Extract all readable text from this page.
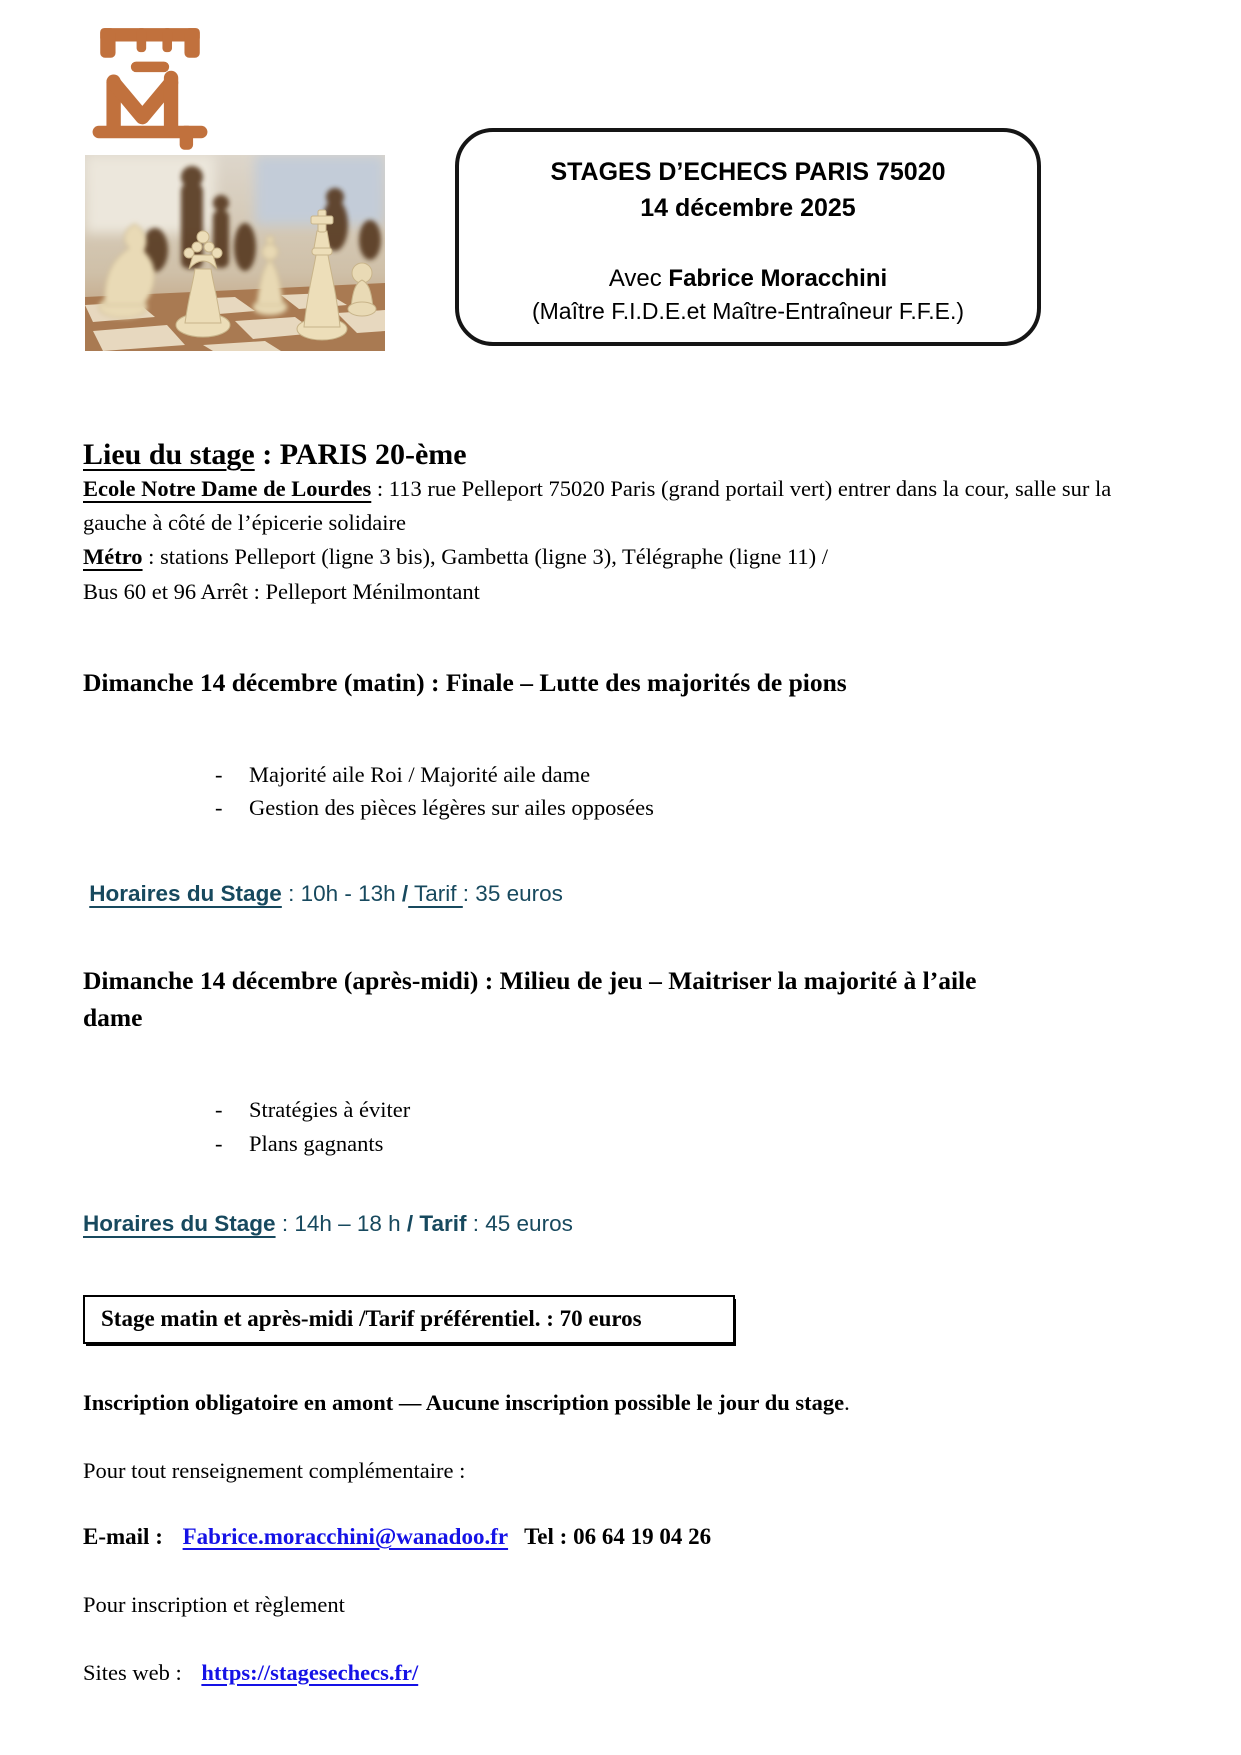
STAGES D’ECHECS PARIS 75020
14 décembre 2025
Avec Fabrice Moracchini
(Maître F.I.D.E.et Maître-Entraîneur F.F.E.)
Lieu du stage : PARIS 20-ème

Ecole Notre Dame de Lourdes : 113 rue Pelleport 75020 Paris (grand portail vert) entrer dans la cour, salle sur la gauche à côté de l’épicerie solidaire

Métro : stations Pelleport (ligne 3 bis), Gambetta (ligne 3), Télégraphe (ligne 11) /
Bus 60 et 96 Arrêt : Pelleport Ménilmontant

Dimanche 14 décembre (matin) : Finale – Lutte des majorités de pions
-	Majorité aile Roi / Majorité aile dame
-	Gestion des pièces légères sur ailes opposées
Horaires du Stage : 10h - 13h / Tarif : 35 euros
Dimanche 14 décembre (après-midi) : Milieu de jeu – Maitriser la majorité à l’aile dame
-	Stratégies à éviter
-	Plans gagnants
Horaires du Stage : 14h – 18 h / Tarif : 45 euros
Stage matin et après-midi /Tarif préférentiel. : 70 euros
Inscription obligatoire en amont — Aucune inscription possible le jour du stage.
Pour tout renseignement complémentaire :
E-mail : Fabrice.moracchini@wanadoo.fr Tel : 06 64 19 04 26
Pour inscription et règlement
Sites web : https://stagesechecs.fr/
